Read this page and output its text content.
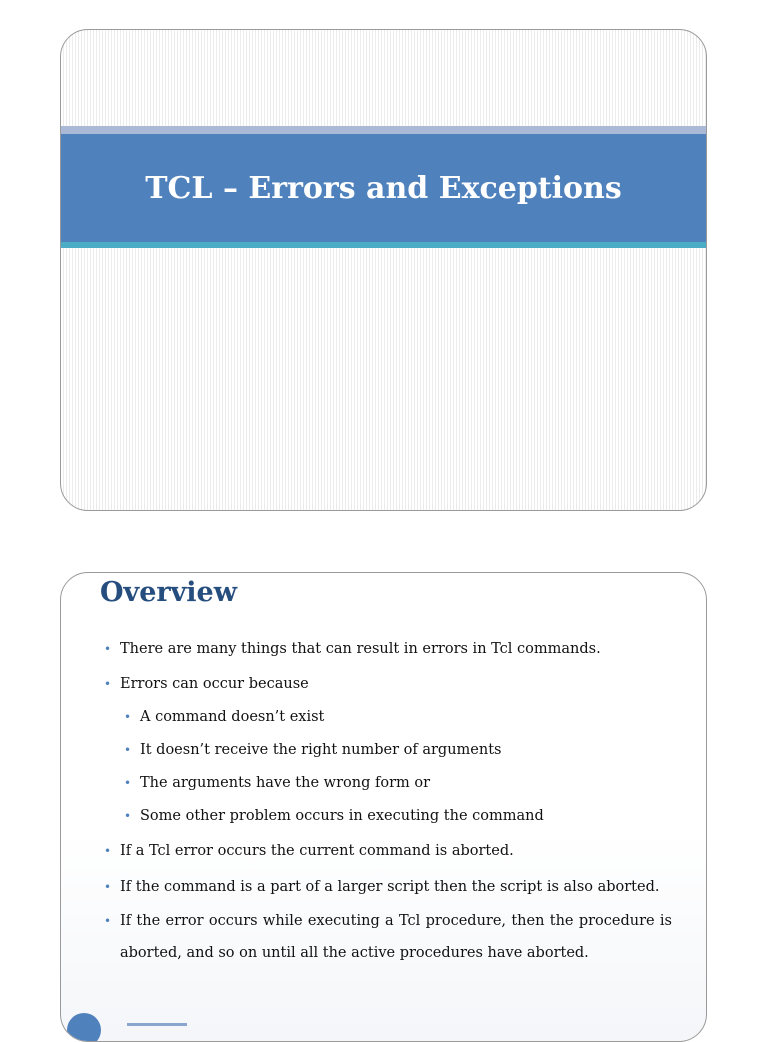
TCL – Errors and Exceptions
Overview
• There are many things that can result in errors in Tcl commands.
• Errors can occur because
• A command doesn’t exist
• It doesn’t receive the right number of arguments
• The arguments have the wrong form or
• Some other problem occurs in executing the command
• If a Tcl error occurs the current command is aborted.
• If the command is a part of a larger script then the script is also aborted.
• If the error occurs while executing a Tcl procedure, then the procedure is aborted, and so on until all the active procedures have aborted.
